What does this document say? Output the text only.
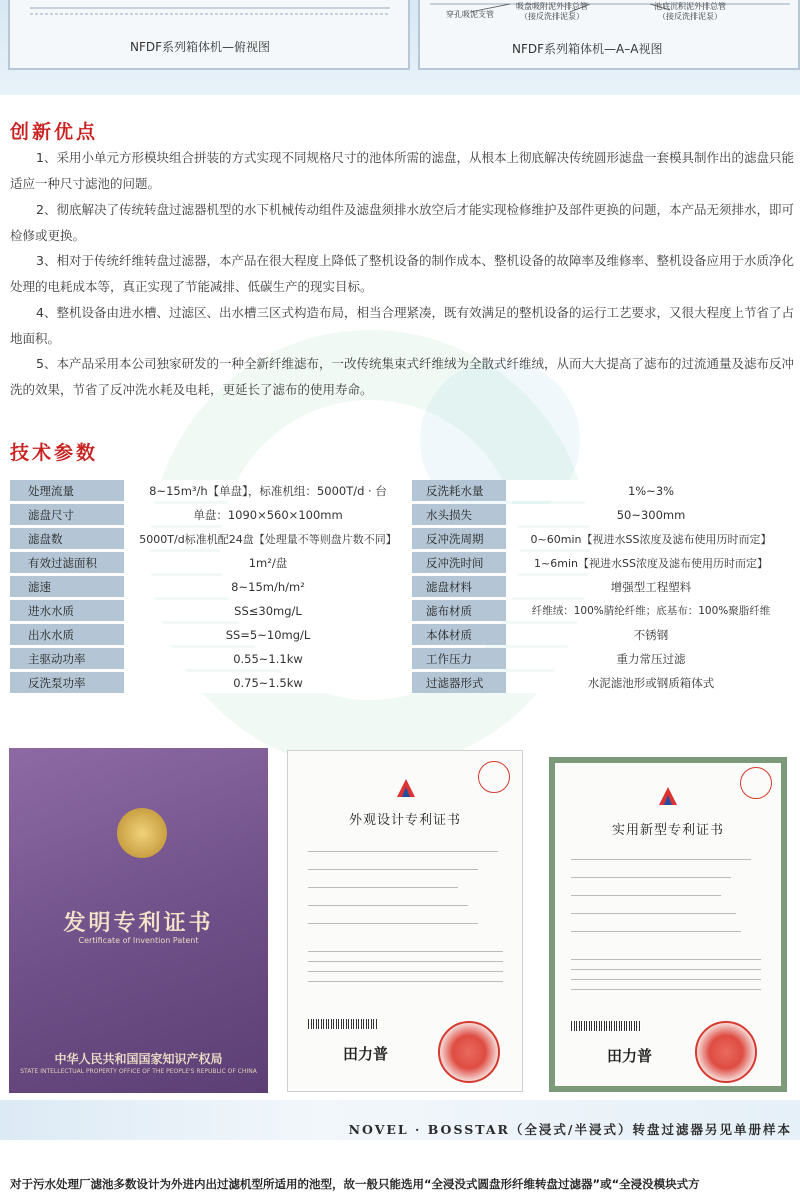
NFDF系列箱体机—俯视图
穿孔吸泥支管
吸盘吸附泥外排总管
（接反洗排泥泵）
池底沉积泥外排总管
（接反洗排泥泵）
NFDF系列箱体机—A–A视图
创新优点
1、采用小单元方形模块组合拼装的方式实现不同规格尺寸的池体所需的滤盘，从根本上彻底解决传统圆形滤盘一套模具制作出的滤盘只能适应一种尺寸滤池的问题。
2、彻底解决了传统转盘过滤器机型的水下机械传动组件及滤盘须排水放空后才能实现检修维护及部件更换的问题，本产品无须排水，即可检修或更换。
3、相对于传统纤维转盘过滤器，本产品在很大程度上降低了整机设备的制作成本、整机设备的故障率及维修率、整机设备应用于水质净化处理的电耗成本等，真正实现了节能减排、低碳生产的现实目标。
4、整机设备由进水槽、过滤区、出水槽三区式构造布局，相当合理紧凑，既有效满足的整机设备的运行工艺要求，又很大程度上节省了占地面积。
5、本产品采用本公司独家研发的一种全新纤维滤布，一改传统集束式纤维绒为全散式纤维绒，从而大大提高了滤布的过流通量及滤布反冲洗的效果，节省了反冲洗水耗及电耗，更延长了滤布的使用寿命。
技术参数
处理流量	8~15m³/h【单盘】，标准机组：5000T/d · 台	反洗耗水量	1%~3%
滤盘尺寸	单盘：1090×560×100mm	水头损失	50~300mm
滤盘数	5000T/d标准机配24盘【处理量不等则盘片数不同】	反冲洗周期	0~60min【视进水SS浓度及滤布使用历时而定】
有效过滤面积	1m²/盘	反冲洗时间	1~6min【视进水SS浓度及滤布使用历时而定】
滤速	8~15m/h/m²	滤盘材料	增强型工程塑料
进水水质	SS≤30mg/L	滤布材质	纤维绒：100%腈纶纤维；底基布：100%聚脂纤维
出水水质	SS=5~10mg/L	本体材质	不锈钢
主驱动功率	0.55~1.1kw	工作压力	重力常压过滤
反洗泵功率	0.75~1.5kw	过滤器形式	水泥滤池形或钢质箱体式
发明专利证书
Certificate of Invention Patent
中华人民共和国国家知识产权局
STATE INTELLECTUAL PROPERTY OFFICE OF THE PEOPLE'S REPUBLIC OF CHINA
外观设计专利证书
田力普
实用新型专利证书
田力普
NOVEL · BOSSTAR（全浸式/半浸式）转盘过滤器另见单册样本
对于污水处理厂滤池多数设计为外进内出过滤机型所适用的池型，故一般只能选用“全浸没式圆盘形纤维转盘过滤器”或“全浸没模块式方
